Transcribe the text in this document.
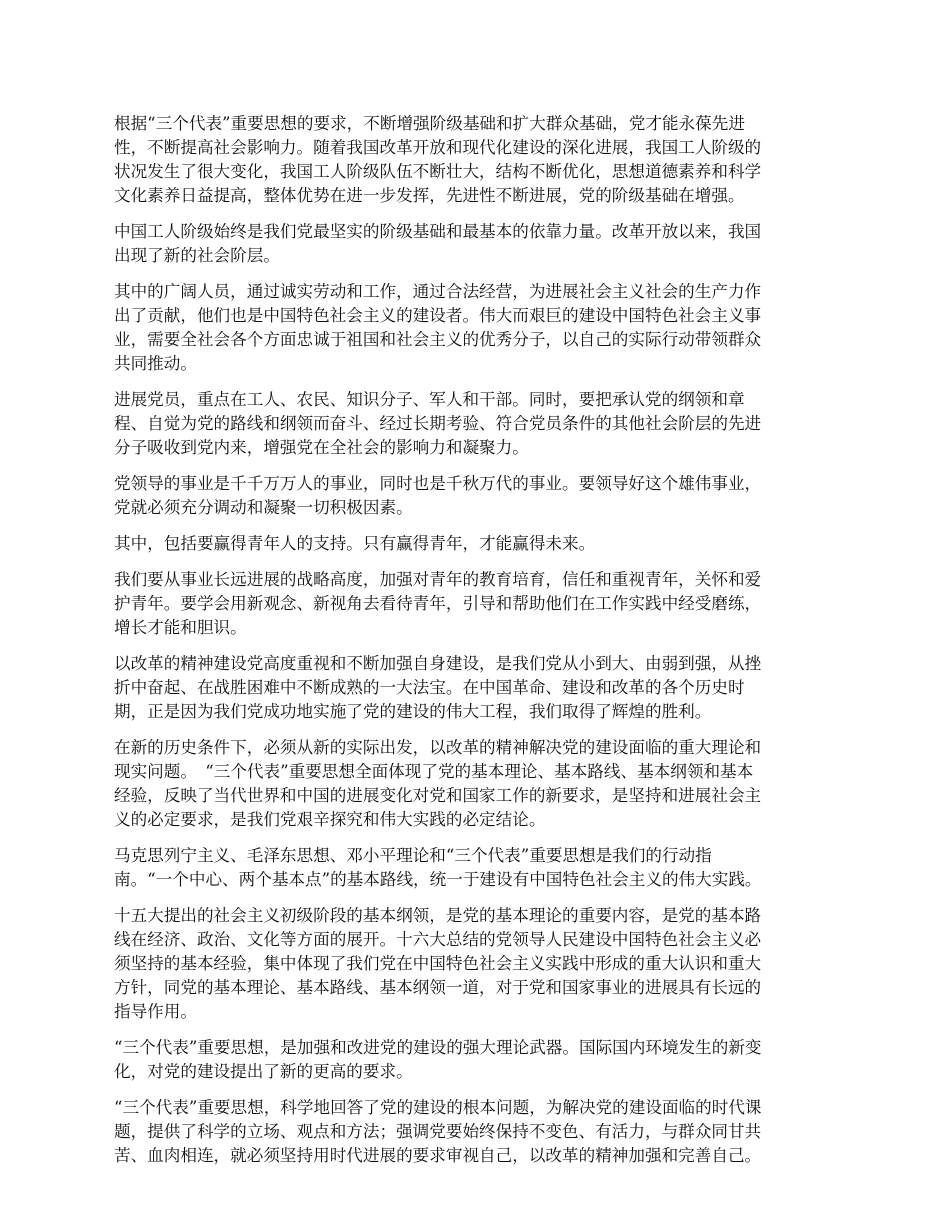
根据“三个代表”重要思想的要求，不断增强阶级基础和扩大群众基础，党才能永葆先进
性，不断提高社会影响力。随着我国改革开放和现代化建设的深化进展，我国工人阶级的
状况发生了很大变化，我国工人阶级队伍不断壮大，结构不断优化，思想道德素养和科学
文化素养日益提高，整体优势在进一步发挥，先进性不断进展，党的阶级基础在增强。

中国工人阶级始终是我们党最坚实的阶级基础和最基本的依靠力量。改革开放以来，我国
出现了新的社会阶层。

其中的广阔人员，通过诚实劳动和工作，通过合法经营，为进展社会主义社会的生产力作
出了贡献，他们也是中国特色社会主义的建设者。伟大而艰巨的建设中国特色社会主义事
业，需要全社会各个方面忠诚于祖国和社会主义的优秀分子，以自己的实际行动带领群众
共同推动。

进展党员，重点在工人、农民、知识分子、军人和干部。同时，要把承认党的纲领和章
程、自觉为党的路线和纲领而奋斗、经过长期考验、符合党员条件的其他社会阶层的先进
分子吸收到党内来，增强党在全社会的影响力和凝聚力。

党领导的事业是千千万万人的事业，同时也是千秋万代的事业。要领导好这个雄伟事业，
党就必须充分调动和凝聚一切积极因素。

其中，包括要赢得青年人的支持。只有赢得青年，才能赢得未来。

我们要从事业长远进展的战略高度，加强对青年的教育培育，信任和重视青年，关怀和爱
护青年。要学会用新观念、新视角去看待青年，引导和帮助他们在工作实践中经受磨练，
增长才能和胆识。

以改革的精神建设党高度重视和不断加强自身建设，是我们党从小到大、由弱到强，从挫
折中奋起、在战胜困难中不断成熟的一大法宝。在中国革命、建设和改革的各个历史时
期，正是因为我们党成功地实施了党的建设的伟大工程，我们取得了辉煌的胜利。

在新的历史条件下，必须从新的实际出发，以改革的精神解决党的建设面临的重大理论和
现实问题。　“三个代表”重要思想全面体现了党的基本理论、基本路线、基本纲领和基本
经验，反映了当代世界和中国的进展变化对党和国家工作的新要求，是坚持和进展社会主
义的必定要求，是我们党艰辛探究和伟大实践的必定结论。

马克思列宁主义、毛泽东思想、邓小平理论和“三个代表”重要思想是我们的行动指
南。“一个中心、两个基本点”的基本路线，统一于建设有中国特色社会主义的伟大实践。

十五大提出的社会主义初级阶段的基本纲领，是党的基本理论的重要内容，是党的基本路
线在经济、政治、文化等方面的展开。十六大总结的党领导人民建设中国特色社会主义必
须坚持的基本经验，集中体现了我们党在中国特色社会主义实践中形成的重大认识和重大
方针，同党的基本理论、基本路线、基本纲领一道，对于党和国家事业的进展具有长远的
指导作用。

“三个代表”重要思想，是加强和改进党的建设的强大理论武器。国际国内环境发生的新变
化，对党的建设提出了新的更高的要求。

“三个代表”重要思想，科学地回答了党的建设的根本问题，为解决党的建设面临的时代课
题，提供了科学的立场、观点和方法；强调党要始终保持不变色、有活力，与群众同甘共
苦、血肉相连，就必须坚持用时代进展的要求审视自己，以改革的精神加强和完善自己。
